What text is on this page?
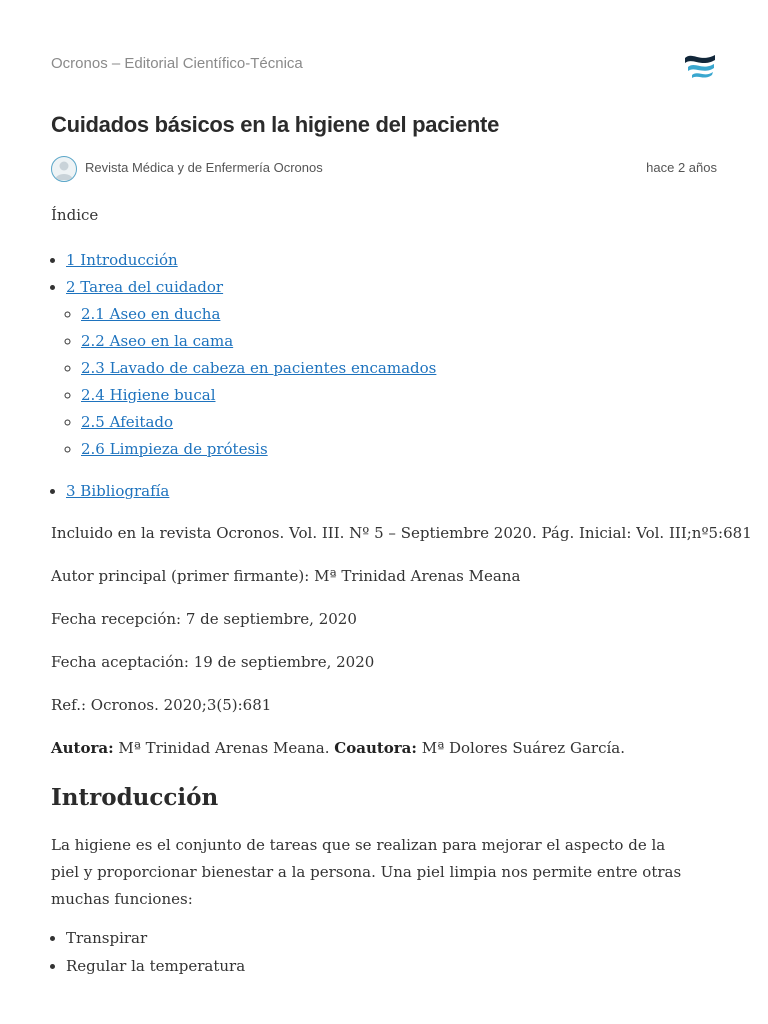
Ocronos – Editorial Científico-Técnica
Cuidados básicos en la higiene del paciente
Revista Médica y de Enfermería Ocronos	hace 2 años

Índice

• 1 Introducción
• 2 Tarea del cuidador
◦ 2.1 Aseo en ducha
◦ 2.2 Aseo en la cama
◦ 2.3 Lavado de cabeza en pacientes encamados
◦ 2.4 Higiene bucal
◦ 2.5 Afeitado
◦ 2.6 Limpieza de prótesis
• 3 Bibliografía

Incluido en la revista Ocronos. Vol. III. Nº 5 – Septiembre 2020. Pág. Inicial: Vol. III;nº5:681

Autor principal (primer firmante): Mª Trinidad Arenas Meana

Fecha recepción: 7 de septiembre, 2020

Fecha aceptación: 19 de septiembre, 2020

Ref.: Ocronos. 2020;3(5):681

Autora: Mª Trinidad Arenas Meana. Coautora: Mª Dolores Suárez García.

Introducción

La higiene es el conjunto de tareas que se realizan para mejorar el aspecto de la piel y proporcionar bienestar a la persona. Una piel limpia nos permite entre otras muchas funciones:

• Transpirar
• Regular la temperatura
